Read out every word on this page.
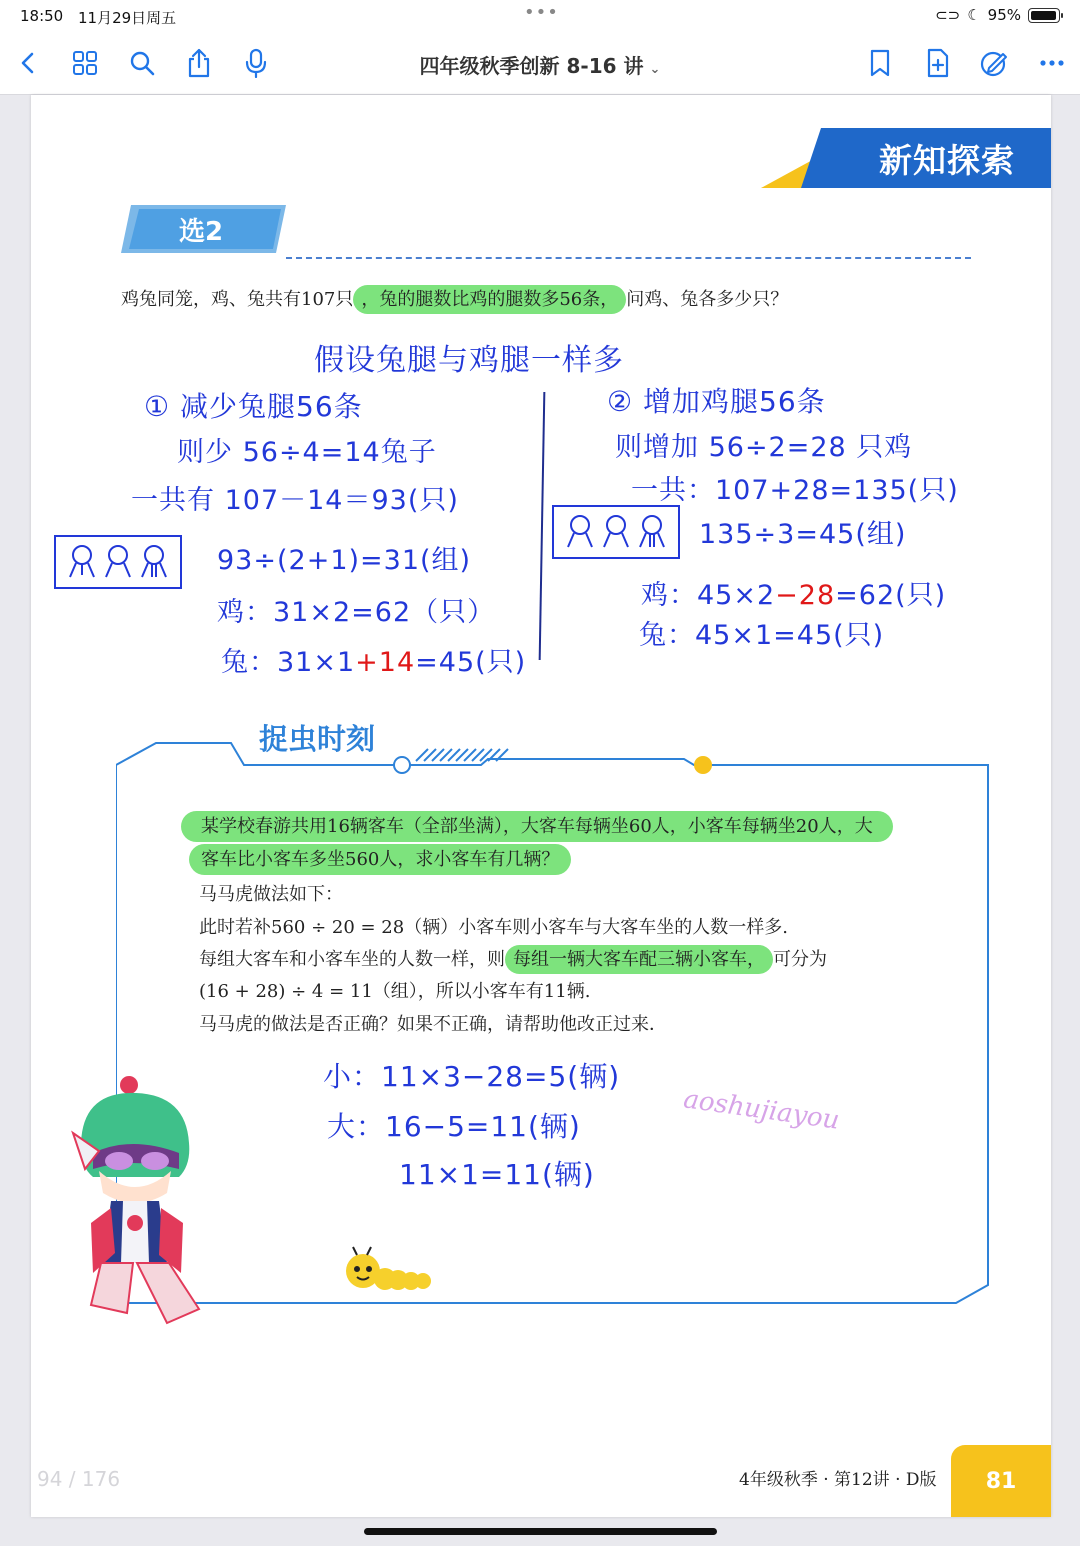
18:50 11月29日周五	•••	⊂⊃ ☾ 95%
四年级秋季创新 8-16 讲 ⌄
新知探索
选2
鸡兔同笼，鸡、兔共有107只 ，兔的腿数比鸡的腿数多56条， 问鸡、兔各多少只？
假设兔腿与鸡腿一样多
① 减少兔腿56条
则少 56÷4=14兔子
一共有 107－14＝93(只)
93÷(2+1)=31(组)
鸡：31×2=62（只）
兔：31×1+14=45(只)
② 增加鸡腿56条
则增加 56÷2=28 只鸡
一共：107+28=135(只)
135÷3=45(组)
鸡：45×2−28=62(只)
兔：45×1=45(只)
捉虫时刻
某学校春游共用16辆客车（全部坐满），大客车每辆坐60人，小客车每辆坐20人，大
客车比小客车多坐560人，求小客车有几辆？
马马虎做法如下：
此时若补560 ÷ 20 = 28（辆）小客车则小客车与大客车坐的人数一样多.
每组大客车和小客车坐的人数一样，则 每组一辆大客车配三辆小客车， 可分为
(16 + 28) ÷ 4 = 11（组），所以小客车有11辆.
马马虎的做法是否正确？如果不正确，请帮助他改正过来．
小：11×3−28=5(辆)
大：16−5=11(辆)
11×1=11(辆)
aoshujiayou
4年级秋季 · 第12讲 · D版	81
94 / 176
